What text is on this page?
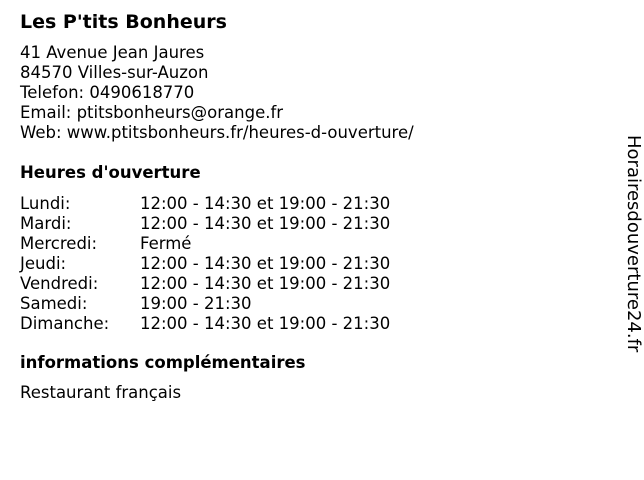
Les P'tits Bonheurs
41 Avenue Jean Jaures
84570 Villes-sur-Auzon
Telefon: 0490618770
Email: ptitsbonheurs@orange.fr
Web: www.ptitsbonheurs.fr/heures-d-ouverture/
Heures d'ouverture
Lundi:	12:00 - 14:30 et 19:00 - 21:30
Mardi:	12:00 - 14:30 et 19:00 - 21:30
Mercredi:	Fermé
Jeudi:	12:00 - 14:30 et 19:00 - 21:30
Vendredi:	12:00 - 14:30 et 19:00 - 21:30
Samedi:	19:00 - 21:30
Dimanche:	12:00 - 14:30 et 19:00 - 21:30
informations complémentaires
Restaurant français
Horairesdouverture24.fr
